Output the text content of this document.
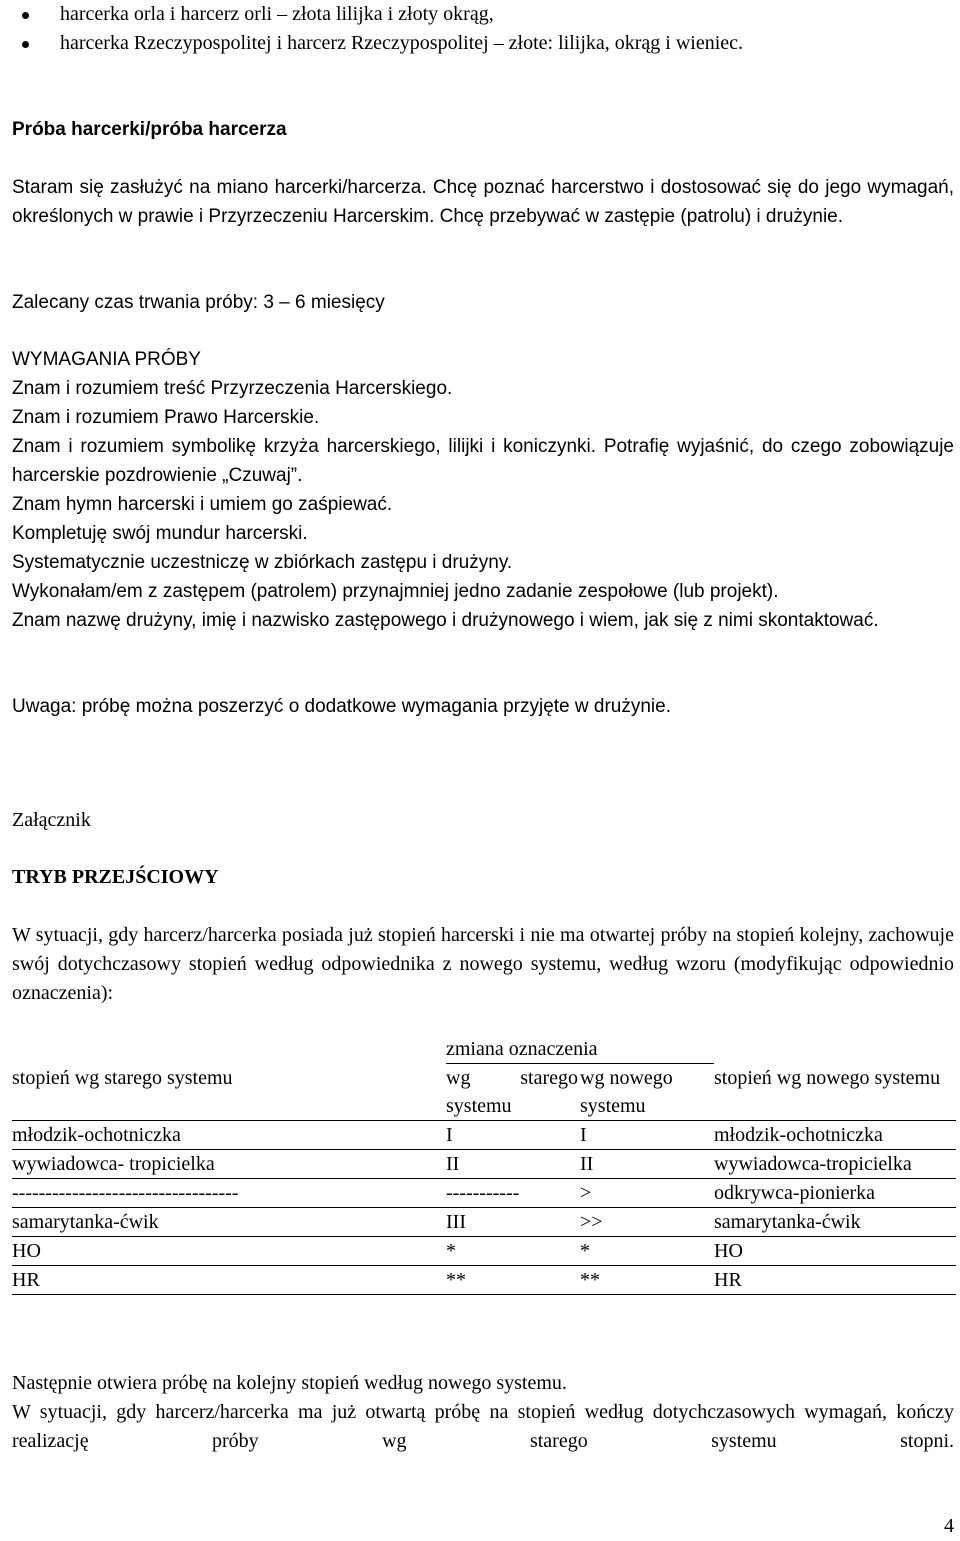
harcerka orla i harcerz orli – złota lilijka i złoty okrąg,
harcerka Rzeczypospolitej i harcerz Rzeczypospolitej – złote: lilijka, okrąg i wieniec.
Próba harcerki/próba harcerza

Staram się zasłużyć na miano harcerki/harcerza. Chcę poznać harcerstwo i dostosować się do jego wymagań, określonych w prawie i Przyrzeczeniu Harcerskim. Chcę przebywać w zastępie (patrolu) i drużynie.

Zalecany czas trwania próby: 3 – 6 miesięcy
WYMAGANIA PRÓBY

Znam i rozumiem treść Przyrzeczenia Harcerskiego.

Znam i rozumiem Prawo Harcerskie.

Znam i rozumiem symbolikę krzyża harcerskiego, lilijki i koniczynki. Potrafię wyjaśnić, do czego zobowiązuje harcerskie pozdrowienie „Czuwaj”.

Znam hymn harcerski i umiem go zaśpiewać.

Kompletuję swój mundur harcerski.

Systematycznie uczestniczę w zbiórkach zastępu i drużyny.

Wykonałam/em z zastępem (patrolem) przynajmniej jedno zadanie zespołowe (lub projekt).

Znam nazwę drużyny, imię i nazwisko zastępowego i drużynowego i wiem, jak się z nimi skontaktować.

Uwaga: próbę można poszerzyć o dodatkowe wymagania przyjęte w drużynie.
Załącznik
TRYB PRZEJŚCIOWY

W sytuacji, gdy harcerz/harcerka posiada już stopień harcerski i nie ma otwartej próby na stopień kolejny, zachowuje swój dotychczasowy stopień według odpowiednika z nowego systemu, według wzoru (modyfikując odpowiednio oznaczenia):

stopień wg starego systemu	zmiana oznaczenia		stopień wg nowego systemu
	wg starego systemu	wg nowego systemu	
młodzik-ochotniczka	I	I	młodzik-ochotniczka
wywiadowca- tropicielka	II	II	wywiadowca-tropicielka
----------------------------------	-----------	>	odkrywca-pionierka
samarytanka-ćwik	III	>>	samarytanka-ćwik
HO	*	*	HO
HR	**	**	HR

Następnie otwiera próbę na kolejny stopień według nowego systemu.

W sytuacji, gdy harcerz/harcerka ma już otwartą próbę na stopień według dotychczasowych wymagań, kończy realizację próby wg starego systemu stopni.

4
